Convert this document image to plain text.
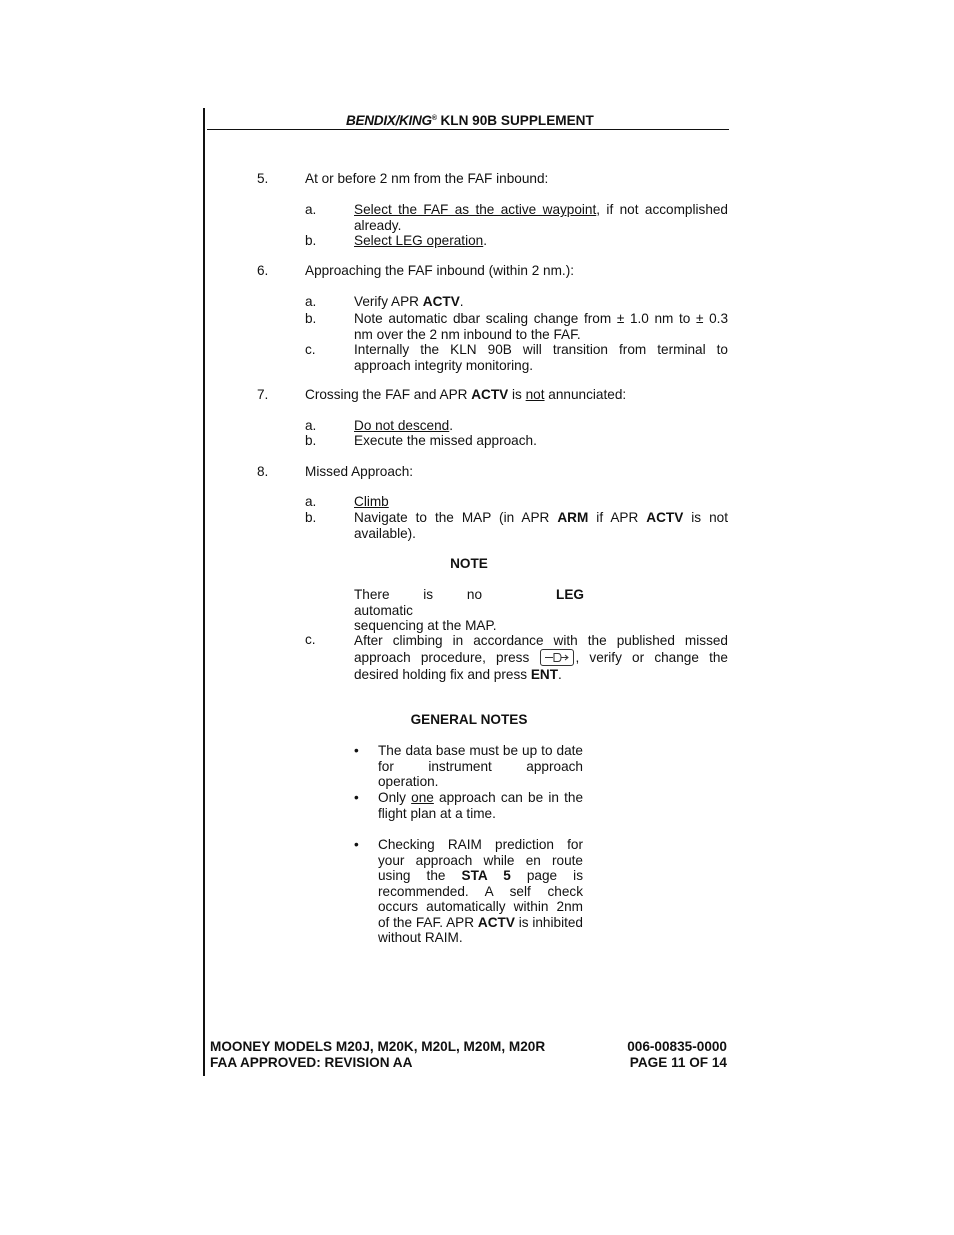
BENDIX/KING® KLN 90B SUPPLEMENT
5.	At or before 2 nm from the FAF inbound:
a.	Select the FAF as the active waypoint, if not accomplished already.
b.	Select LEG operation.
6.	Approaching the FAF inbound (within 2 nm.):
a.	Verify APR ACTV.
b.	Note automatic dbar scaling change from ± 1.0 nm to ± 0.3 nm over the 2 nm inbound to the FAF.
c.	Internally the KLN 90B will transition from terminal to approach integrity monitoring.
7.	Crossing the FAF and APR ACTV is not annunciated:
a.	Do not descend.
b.	Execute the missed approach.
8.	Missed Approach:
a.	Climb
b.	Navigate to the MAP (in APR ARM if APR ACTV is not available).
NOTE
There is no automatic
LEG
sequencing at the MAP.
c.	After climbing in accordance with the published missed approach procedure, press	, verify or change the desired holding fix and press ENT.
GENERAL NOTES
• The data base must be up to date for instrument approach operation.
• Only one approach can be in the flight plan at a time.
• Checking RAIM prediction for your approach while en route using the STA 5 page is recommended. A self check occurs automatically within 2nm of the FAF. APR ACTV is inhibited without RAIM.
MOONEY MODELS M20J, M20K, M20L, M20M, M20R
FAA APPROVED: REVISION AA
006-00835-0000
PAGE 11 OF 14
